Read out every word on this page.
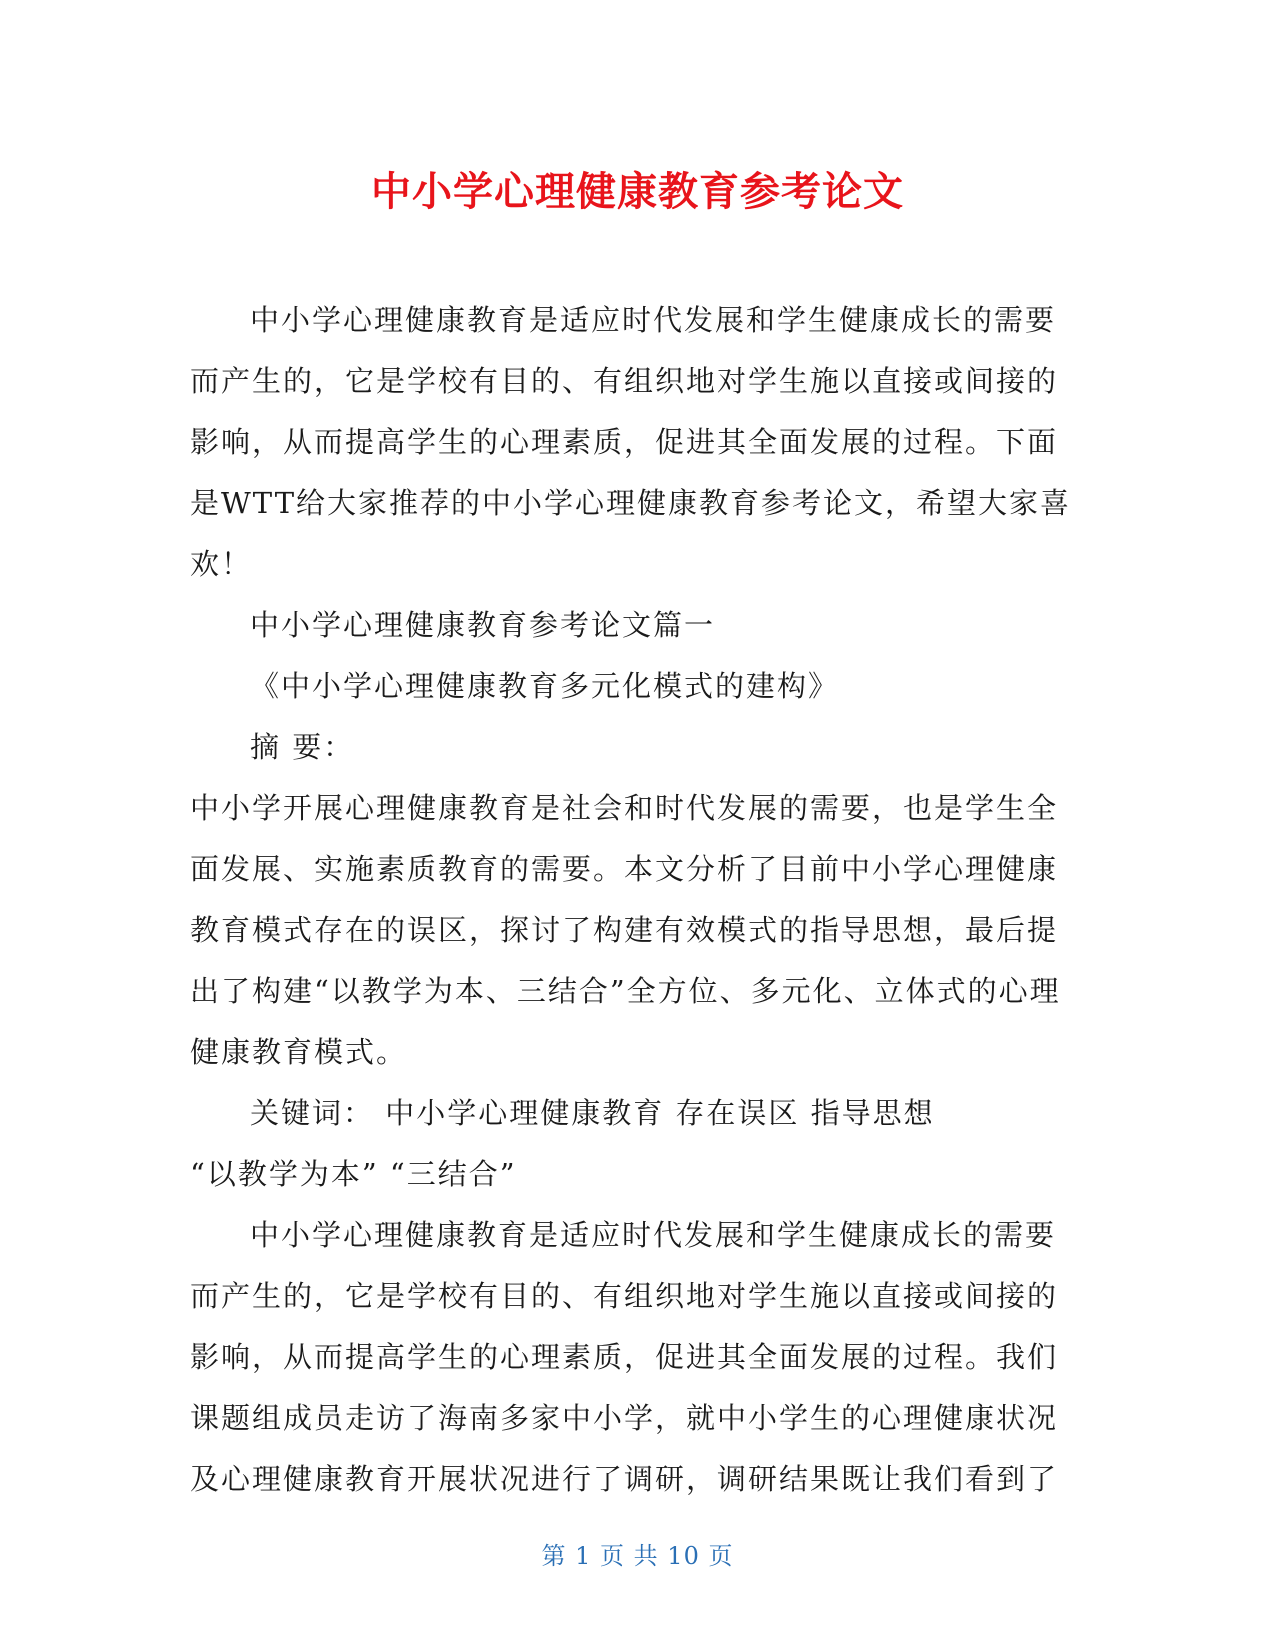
中小学心理健康教育参考论文

中小学心理健康教育是适应时代发展和学生健康成长的需要而产生的，它是学校有目的、有组织地对学生施以直接或间接的影响，从而提高学生的心理素质，促进其全面发展的过程。下面是WTT给大家推荐的中小学心理健康教育参考论文，希望大家喜欢！

中小学心理健康教育参考论文篇一

《中小学心理健康教育多元化模式的建构》

摘 要：

中小学开展心理健康教育是社会和时代发展的需要，也是学生全面发展、实施素质教育的需要。本文分析了目前中小学心理健康教育模式存在的误区，探讨了构建有效模式的指导思想，最后提出了构建“以教学为本、三结合”全方位、多元化、立体式的心理健康教育模式。

关键词： 中小学心理健康教育 存在误区 指导思想

“以教学为本” “三结合”

中小学心理健康教育是适应时代发展和学生健康成长的需要而产生的，它是学校有目的、有组织地对学生施以直接或间接的影响，从而提高学生的心理素质，促进其全面发展的过程。我们课题组成员走访了海南多家中小学，就中小学生的心理健康状况及心理健康教育开展状况进行了调研，调研结果既让我们看到了

第 1 页 共 10 页
